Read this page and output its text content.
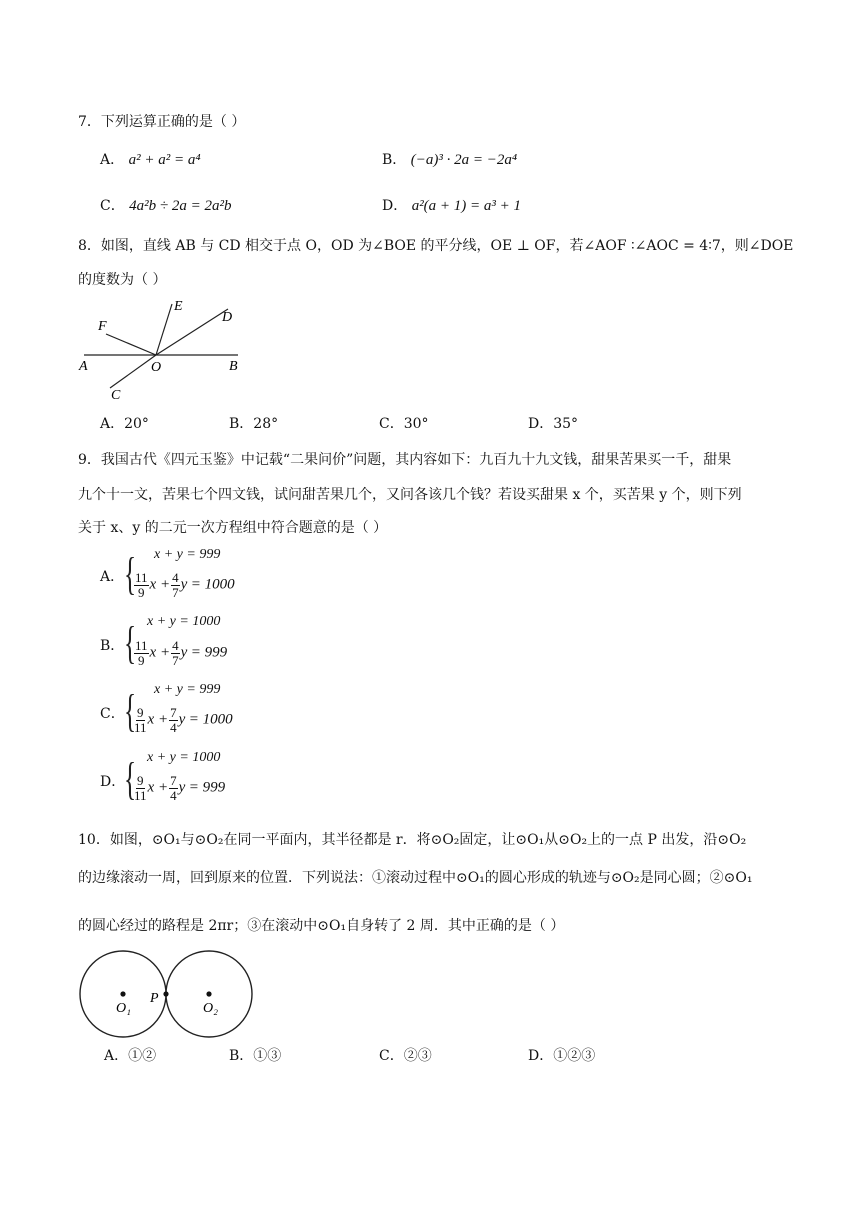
7．下列运算正确的是（ ）
A． a² + a² = a⁴	B． (−a)³ · 2a = −2a⁴
C． 4a²b ÷ 2a = 2a²b	D． a²(a + 1) = a³ + 1
8．如图，直线 AB 与 CD 相交于点 O，OD 为∠BOE 的平分线，OE ⊥ OF，若∠AOF ∶∠AOC = 4∶7，则∠DOE
的度数为（ ）
F
E
D
A	O	B
C
A．20°	B．28°	C．30°	D．35°
9．我国古代《四元玉鉴》中记载“二果问价”问题，其内容如下：九百九十九文钱，甜果苦果买一千，甜果
九个十一文，苦果七个四文钱，试问甜苦果几个，又问各该几个钱？若设买甜果 x 个，买苦果 y 个，则下列
关于 x、y 的二元一次方程组中符合题意的是（ ）
A． { x + y = 999
$\frac{11}{9}$ $x + \frac{4}{7}$ y = 1000
B． { x + y = 1000
$\frac{11}{9}$ $x + \frac{4}{7}$ y = 999
C． { x + y = 999
$\frac{9}{11}$ $x + \frac{7}{4}$ y = 1000
D．
{ x + y = 1000
$\frac{9}{11}$ $x + \frac{7}{4}$ y = 999
10．如图，⊙O₁与⊙O₂在同一平面内，其半径都是 r．将⊙O₂固定，让⊙O₁从⊙O₂上的一点 P 出发，沿⊙O₂
的边缘滚动一周，回到原来的位置．下列说法：①滚动过程中⊙O₁的圆心形成的轨迹与⊙O₂是同心圆；②⊙O₁
的圆心经过的路程是 2πr；③在滚动中⊙O₁自身转了 2 周．其中正确的是（ ）
P
O₁	O₂
A．①②	B．①③	C．②③	D．①②③
